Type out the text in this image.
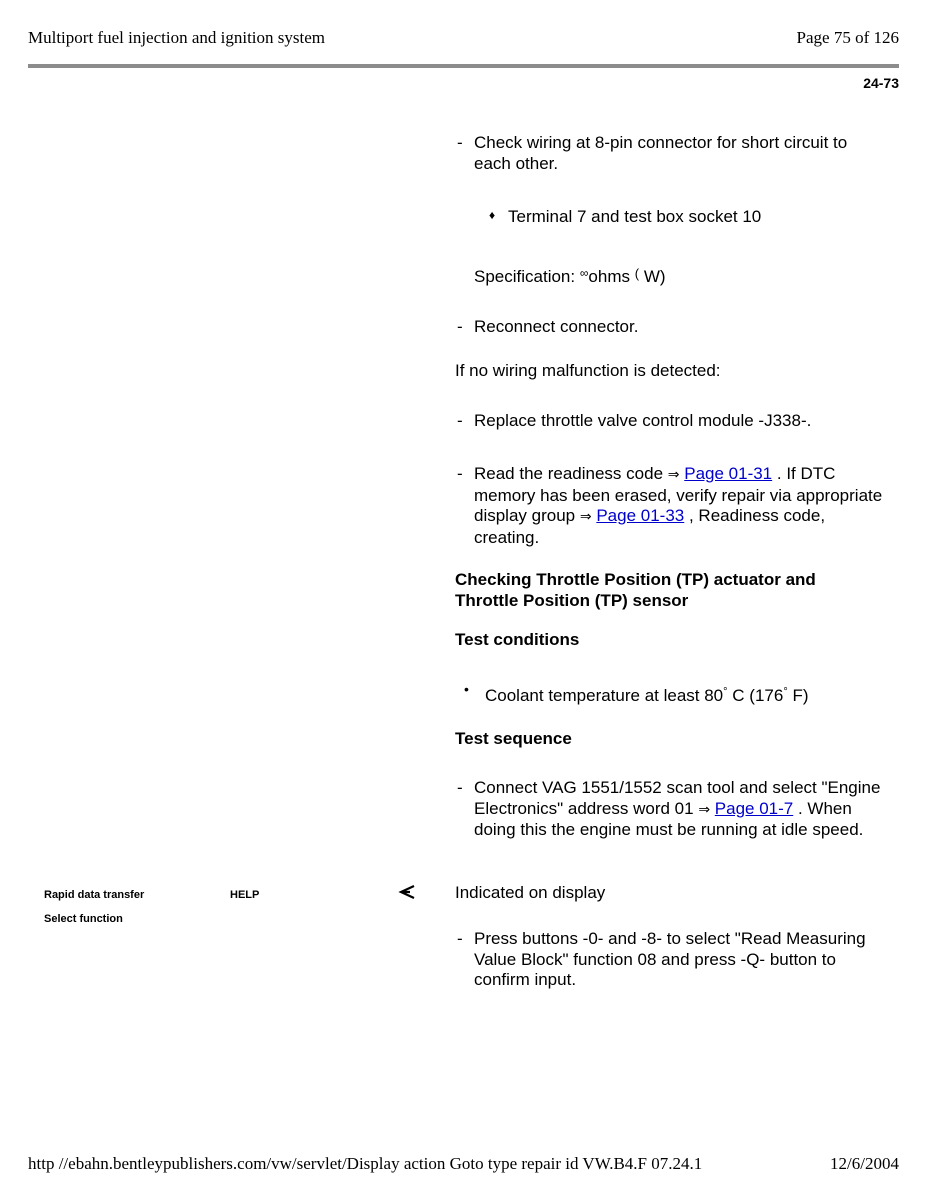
Multiport fuel injection and ignition system	Page 75 of 126
24-73
- Check wiring at 8-pin connector for short circuit to each other.
♦ Terminal 7 and test box socket 10
Specification: ∞ohms ( W)
- Reconnect connector.
If no wiring malfunction is detected:
- Replace throttle valve control module -J338-.
- Read the readiness code ⇒ Page 01-31 . If DTC memory has been erased, verify repair via appropriate display group ⇒ Page 01-33 , Readiness code, creating.
Checking Throttle Position (TP) actuator and Throttle Position (TP) sensor
Test conditions
• Coolant temperature at least 80° C (176° F)
Test sequence
- Connect VAG 1551/1552 scan tool and select "Engine Electronics" address word 01 ⇒ Page 01-7 . When doing this the engine must be running at idle speed.
Rapid data transfer	HELP
Select function
Indicated on display
- Press buttons -0- and -8- to select "Read Measuring Value Block" function 08 and press -Q- button to confirm input.
http //ebahn.bentleypublishers.com/vw/servlet/Display action Goto type repair id VW.B4.F 07.24.1	12/6/2004
